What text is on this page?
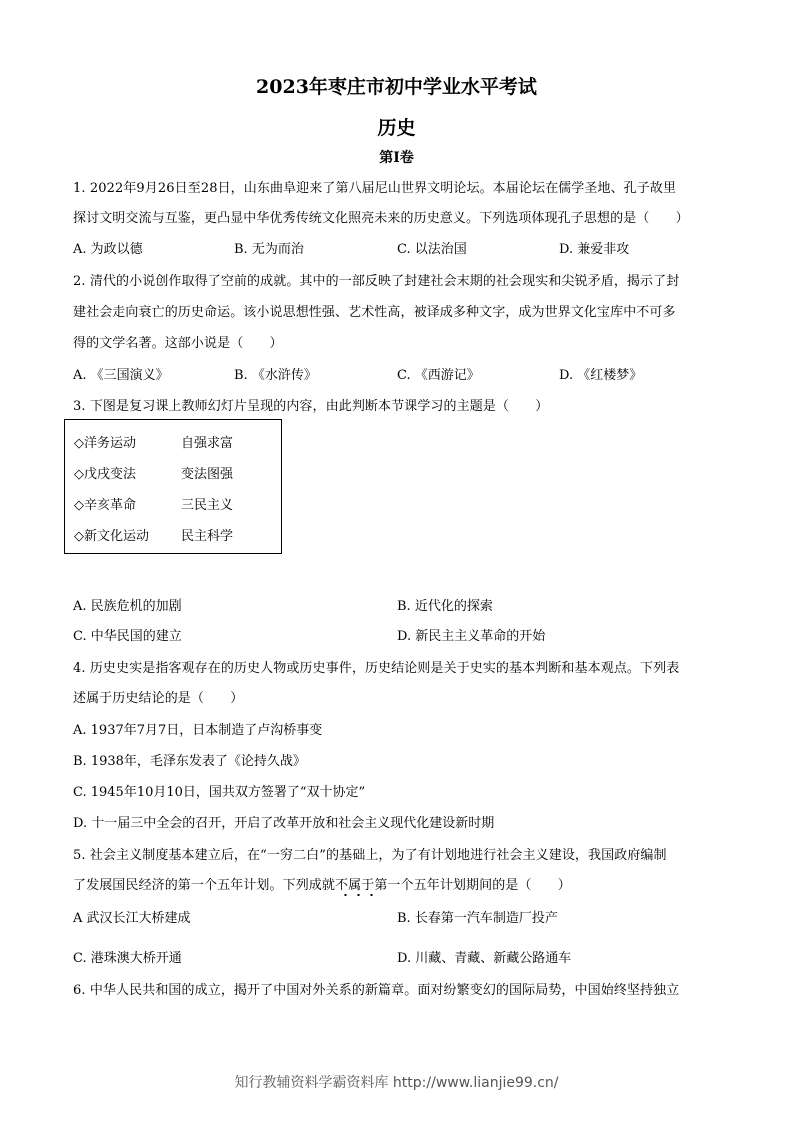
2023年枣庄市初中学业水平考试
历史
第Ⅰ卷
1. 2022年9月26日至28日，山东曲阜迎来了第八届尼山世界文明论坛。本届论坛在儒学圣地、孔子故里
探讨文明交流与互鉴，更凸显中华优秀传统文化照亮未来的历史意义。下列选项体现孔子思想的是（　　）
A. 为政以德	B. 无为而治	C. 以法治国	D. 兼爱非攻
2. 清代的小说创作取得了空前的成就。其中的一部反映了封建社会末期的社会现实和尖锐矛盾，揭示了封
建社会走向衰亡的历史命运。该小说思想性强、艺术性高，被译成多种文字，成为世界文化宝库中不可多
得的文学名著。这部小说是（　　）
A. 《三国演义》	B. 《水浒传》	C. 《西游记》	D. 《红楼梦》
3. 下图是复习课上教师幻灯片呈现的内容，由此判断本节课学习的主题是（　　）
◇洋务运动	自强求富
◇戊戌变法	变法图强
◇辛亥革命	三民主义
◇新文化运动 民主科学
A. 民族危机的加剧	B. 近代化的探索
C. 中华民国的建立	D. 新民主主义革命的开始
4. 历史史实是指客观存在的历史人物或历史事件，历史结论则是关于史实的基本判断和基本观点。下列表
述属于历史结论的是（　　）
A. 1937年7月7日，日本制造了卢沟桥事变
B. 1938年，毛泽东发表了《论持久战》
C. 1945年10月10日，国共双方签署了“双十协定”
D. 十一届三中全会的召开，开启了改革开放和社会主义现代化建设新时期
5. 社会主义制度基本建立后，在“一穷二白”的基础上，为了有计划地进行社会主义建设，我国政府编制
了发展国民经济的第一个五年计划。下列成就不属于
第一个五年计划期间的是（　　）
A 武汉长江大桥建成	B. 长春第一汽车制造厂投产
C. 港珠澳大桥开通	D. 川藏、青藏、新藏公路通车
6. 中华人民共和国的成立，揭开了中国对外关系的新篇章。面对纷繁变幻的国际局势，中国始终坚持独立
知行教辅资料学霸资料库 http://www.lianjie99.cn/
